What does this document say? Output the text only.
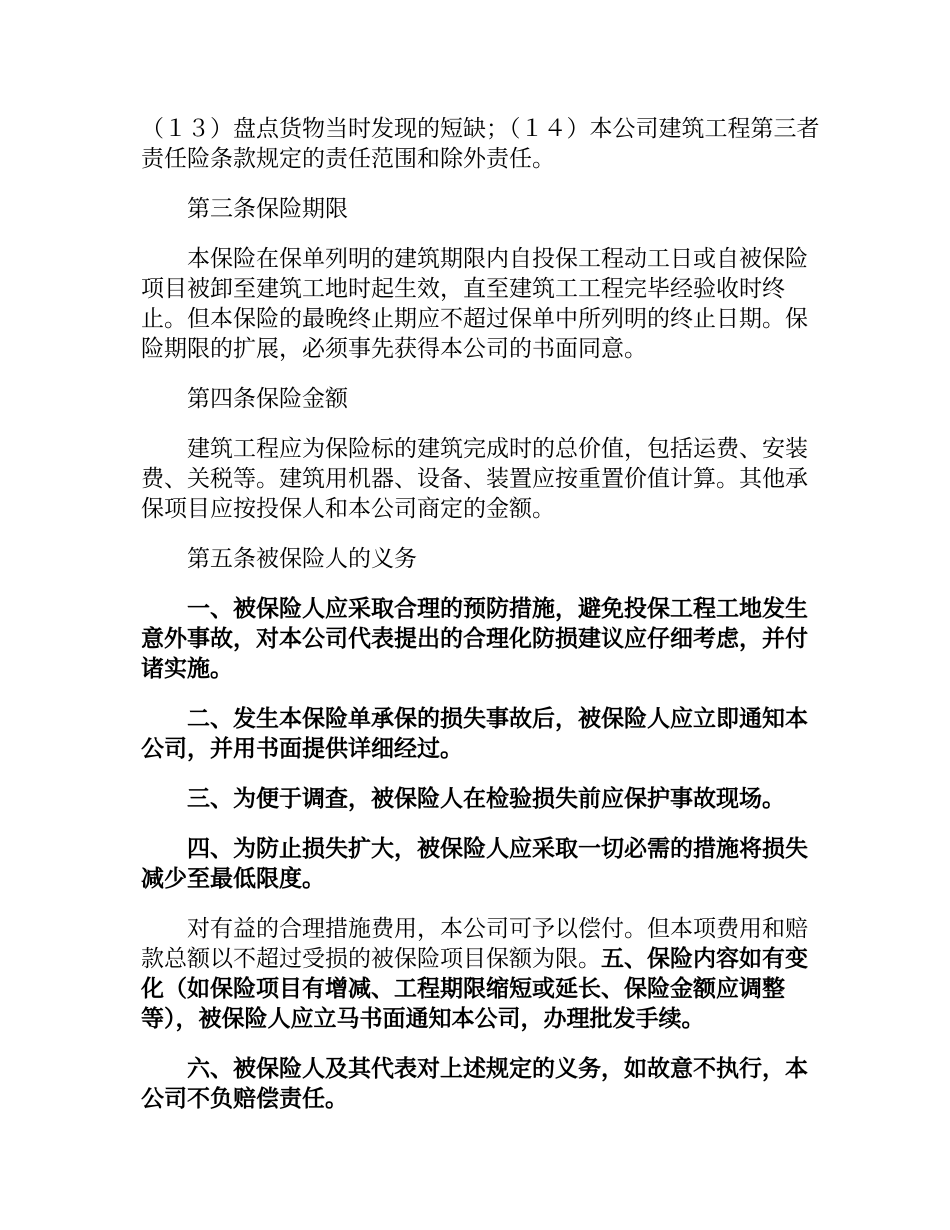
（１３）盘点货物当时发现的短缺；（１４）本公司建筑工程第三者责任险条款规定的责任范围和除外责任。

第三条保险期限

本保险在保单列明的建筑期限内自投保工程动工日或自被保险项目被卸至建筑工地时起生效，直至建筑工工程完毕经验收时终止。但本保险的最晚终止期应不超过保单中所列明的终止日期。保险期限的扩展，必须事先获得本公司的书面同意。

第四条保险金额

建筑工程应为保险标的建筑完成时的总价值，包括运费、安装费、关税等。建筑用机器、设备、装置应按重置价值计算。其他承保项目应按投保人和本公司商定的金额。

第五条被保险人的义务

一、被保险人应采取合理的预防措施，避免投保工程工地发生意外事故，对本公司代表提出的合理化防损建议应仔细考虑，并付诸实施。

二、发生本保险单承保的损失事故后，被保险人应立即通知本公司，并用书面提供详细经过。

三、为便于调查，被保险人在检验损失前应保护事故现场。

四、为防止损失扩大，被保险人应采取一切必需的措施将损失减少至最低限度。

对有益的合理措施费用，本公司可予以偿付。但本项费用和赔款总额以不超过受损的被保险项目保额为限。五、保险内容如有变化（如保险项目有增减、工程期限缩短或延长、保险金额应调整等），被保险人应立马书面通知本公司，办理批发手续。

六、被保险人及其代表对上述规定的义务，如故意不执行，本公司不负赔偿责任。
